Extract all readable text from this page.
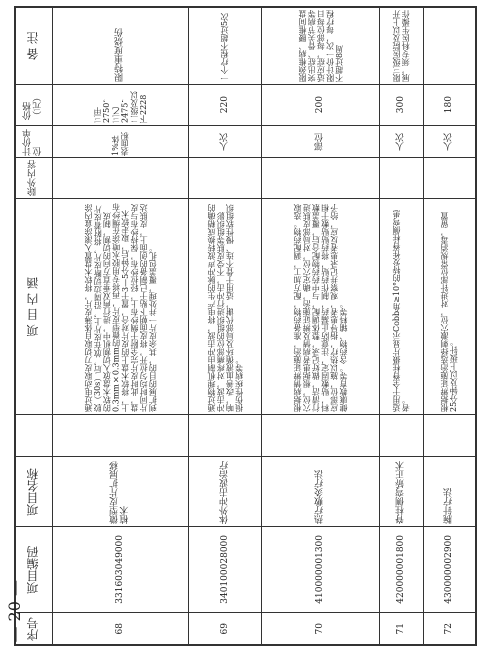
序号
项目编码
项目名称
项 目 内 涵
除外内容
计价单位
价格（元）
备 注
68
331603049000
微型皮片扩展移植术
通过电动取皮刀切取自体薄皮片，将软木盘置入滚涂盒内涂胶（30s）后，放在皮片上，沿周边切断皮片，将附着皮片的软木盘放入切割机中，进行两双垂直方向的切割，制成0.3mm×0.3mm的微型皮片，再将专用胶水喷涂在绸纱布上，将软木盘上的皮片对合，置于3—5分钟后，取走软木盘，此时皮片完全附于绸纱布上，轻拉纱布，保持纱布与皮片同时均匀拉开，将皮面朝下贴于已制备的创面上，皮肤达到扩展的目的，其余皮片一并处理，覆盖包扎。
1%体表面积
三甲2750，三乙2475，二级及以下2228
限特重度烧伤
69
340100028000
体外冲击波治疗
通过物理机制由冲击波，将电产生的脉冲声波转换成精确的冲击波，对疼痛部位的组织进行冲击，不受皮肤等组织影响，改善血液循环及局部代谢，适用于骨不连、慢性软组织损伤性疾病等。
人次
220
一个疗程不超过5次
70
410000001300
热疗敷灸疗法
根据病情辨证施治，准备药物，配方加工，调配药物。选取穴位，根据患者病情及辨证施治，确定穴位，对局部皮肤进行清洁，做好记录，整体调配，与中药药物配合后，覆盖敷料，贴敷固定，注意防止漏药，制作药贴，将药贴贴敷于相应部位，施以热疗，指导患者，观察并记录患者反应，给予健康教育等。含药物、辅料等。
部位
200
限颈椎病、腰椎间盘突出症、骨关节病等适应症，每部位每日限计价一次，每疗程不超过8周
71
420000001800
脊柱侧弯矫正术
适用于全脊柱摄片显示Cobb角≥10°的特发性脊柱侧弯患者。
人次
300
限三级医院及以上开展，须专科医生操作
72
430000002900
腕针疗法
根据辨证施治选择刺激穴位，对进针部位常规消毒，留置25分钟及以上拔针。
人次
180
— 20 —
